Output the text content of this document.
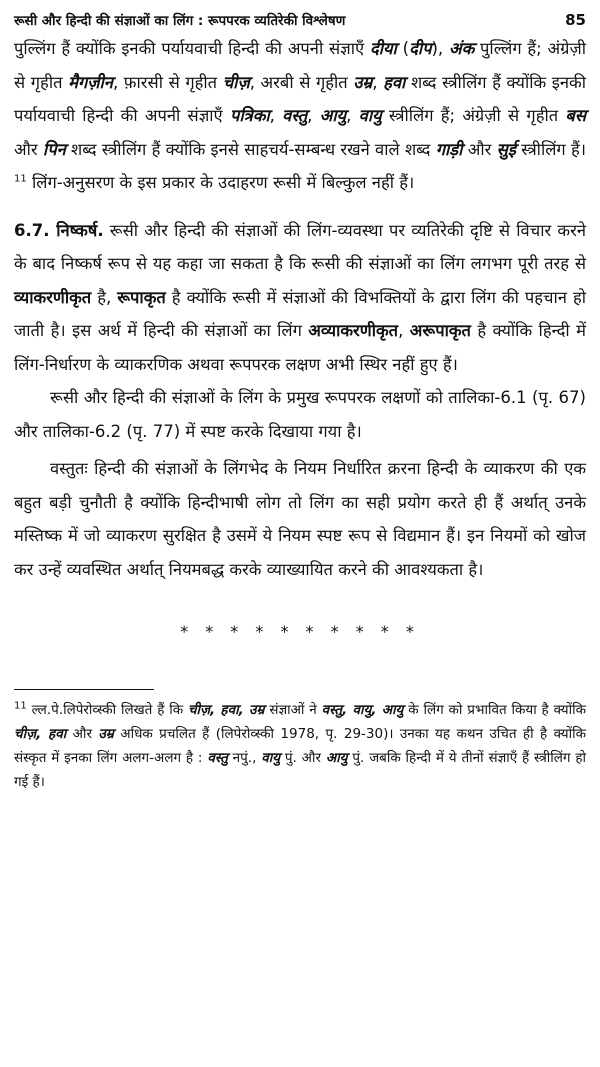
रूसी और हिन्दी की संज्ञाओं का लिंग : रूपपरक व्यतिरेकी विश्लेषण	85

पुल्लिंग हैं क्योंकि इनकी पर्यायवाची हिन्दी की अपनी संज्ञाएँ दीया (दीप), अंक पुल्लिंग हैं; अंग्रेज़ी से गृहीत मैगज़ीन, फ़ारसी से गृहीत चीज़, अरबी से गृहीत उम्र, हवा शब्द स्त्रीलिंग हैं क्योंकि इनकी पर्यायवाची हिन्दी की अपनी संज्ञाएँ पत्रिका, वस्तु, आयु, वायु स्त्रीलिंग हैं; अंग्रेज़ी से गृहीत बस और पिन शब्द स्त्रीलिंग हैं क्योंकि इनसे साहचर्य-सम्बन्ध रखने वाले शब्द गाड़ी और सुई स्त्रीलिंग हैं।$^{11}$ लिंग-अनुसरण के इस प्रकार के उदाहरण रूसी में बिल्कुल नहीं हैं।

6.7. निष्कर्ष. रूसी और हिन्दी की संज्ञाओं की लिंग-व्यवस्था पर व्यतिरेकी दृष्टि से विचार करने के बाद निष्कर्ष रूप से यह कहा जा सकता है कि रूसी की संज्ञाओं का लिंग लगभग पूरी तरह से व्याकरणीकृत है, रूपाकृत है क्योंकि रूसी में संज्ञाओं की विभक्तियों के द्वारा लिंग की पहचान हो जाती है। इस अर्थ में हिन्दी की संज्ञाओं का लिंग अव्याकरणीकृत, अरूपाकृत है क्योंकि हिन्दी में लिंग-निर्धारण के व्याकरणिक अथवा रूपपरक लक्षण अभी स्थिर नहीं हुए हैं।

रूसी और हिन्दी की संज्ञाओं के लिंग के प्रमुख रूपपरक लक्षणों को तालिका-6.1 (पृ. 67) और तालिका-6.2 (पृ. 77) में स्पष्ट करके दिखाया गया है।

वस्तुतः हिन्दी की संज्ञाओं के लिंगभेद के नियम निर्धारित क्ररना हिन्दी के व्याकरण की एक बहुत बड़ी चुनौती है क्योंकि हिन्दीभाषी लोग तो लिंग का सही प्रयोग करते ही हैं अर्थात् उनके मस्तिष्क में जो व्याकरण सुरक्षित है उसमें ये नियम स्पष्ट रूप से विद्यमान हैं। इन नियमों को खोज कर उन्हें व्यवस्थित अर्थात् नियमबद्ध करके व्याख्यायित करने की आवश्यकता है।

* * * * * * * * * *

$^{11}$ ल्ल.पे.लिपेरोव्स्की लिखते हैं कि चीज़, हवा, उम्र संज्ञाओं ने वस्तु, वायु, आयु के लिंग को प्रभावित किया है क्योंकि चीज़, हवा और उम्र अधिक प्रचलित हैं (लिपेरोव्स्की 1978, पृ. 29-30)। उनका यह कथन उचित ही है क्योंकि संस्कृत में इनका लिंग अलग-अलग है : वस्तु नपुं., वायु पुं. और आयु पुं. जबकि हिन्दी में ये तीनों संज्ञाएँ हैं स्त्रीलिंग हो गई हैं।
